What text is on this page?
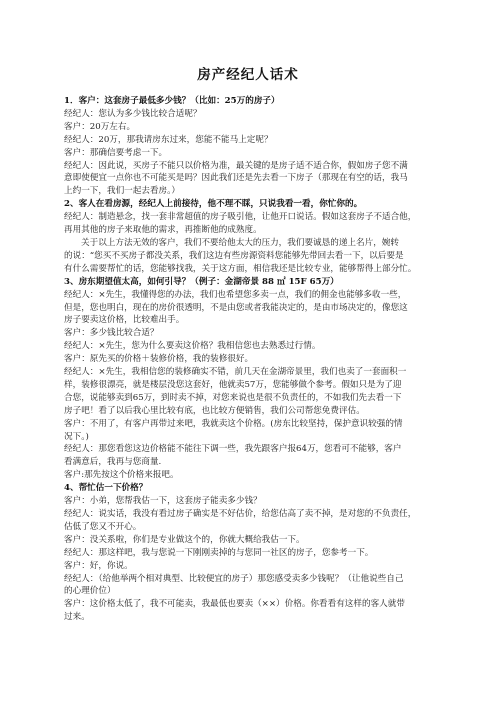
房产经纪人话术
1．客户：这套房子最低多少钱？（比如：25万的房子）
经纪人：您认为多少钱比较合适呢？
客户：20万左右。
经纪人：20万，那我请房东过来，您能不能马上定呢？
客户：那确信要考虑一下。
经纪人：因此说，买房子不能只以价格为准，最关键的是房子适不适合你，假如房子您不满
意即使便宜一点你也不可能买是吗？因此我们还是先去看一下房子（那现在有空的话，我马
上约一下，我们一起去看房。）
2、客人在看房源，经纪人上前接待，他不理不睬，只说我看一看，你忙你的。
经纪人：制造悬念，找一套非常超值的房子吸引他，让他开口说话。假如这套房子不适合他，
再用其他的房子来取他的需求，再推断他的成熟度。
关于以上方法无效的客户，我们不要给他太大的压力，我们要诚恳的递上名片，婉转
的说：“您买不买房子都没关系，我们这边有些房源资料您能够先带回去看一下，以后要是
有什么需要帮忙的话，您能够找我，关于这方面，相信我还是比较专业，能够帮得上部分忙。
3、房东期望值太高，如何引导？（例子：金湖帝景 88 ㎡ 15F 65万）
经纪人：×先生，我懂得您的办法，我们也希望您多卖一点，我们的佣金也能够多收一些，
但是，您也明白，现在的房价很透明，不是由您或者我能决定的，是由市场决定的，像您这
房子要卖这价格，比较难出手。
客户：多少钱比较合适？
经纪人：×先生，您为什么要卖这价格？我相信您也去熟悉过行情。
客户：原先买的价格＋装修价格，我的装修很好。
经纪人：×先生，我相信您的装修确实不错，前几天在金湖帝景里，我们也卖了一套面积一
样，装修很漂亮，就是楼层没您这套好，他就卖57万，您能够做个参考。假如只是为了迎
合您，说能够卖到65万，到时卖不掉，对您来说也是很不负责任的，不如我们先去看一下
房子吧！看了以后我心里比较有底，也比较方便销售，我们公司帮您免费评估。
客户：不用了，有客户再带过来吧，我就卖这个价格。(房东比较坚持，保护意识较强的情
况下。)
经纪人：那您看您这边价格能不能往下调一些，我先跟客户报64万，您看可不能够，客户
看满意后，我再与您商量.
客户:那先按这个价格来报吧。
4、帮忙估一下价格？
客户：小弟，您帮我估一下，这套房子能卖多少钱？
经纪人：说实话，我没有看过房子确实是不好估价，给您估高了卖不掉，是对您的不负责任，
估低了您又不开心。
客户：没关系啦，你们是专业做这个的，你就大概给我估一下。
经纪人：那这样吧，我与您说一下刚刚卖掉的与您同一社区的房子，您参考一下。
客户：好，你说。
经纪人：（给他举两个相对典型、比较便宜的房子）那您感受卖多少钱呢？（让他说些自己
的心理价位）
客户：这价格太低了，我不可能卖，我最低也要卖（××）价格。你看看有这样的客人就带
过来。
